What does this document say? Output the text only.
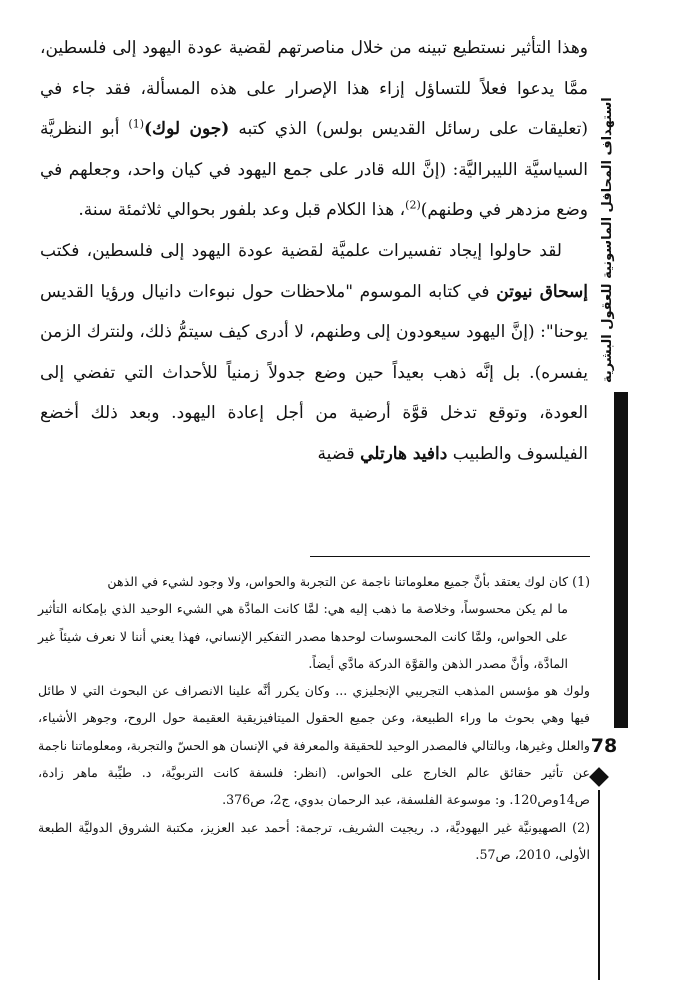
استهداف المحافل الماسونية للعقول البشرية
78

وهذا التأثير نستطيع تبينه من خلال مناصرتهم لقضية عودة اليهود إلى فلسطين، ممَّا يدعوا فعلاً للتساؤل إزاء هذا الإصرار على هذه المسألة، فقد جاء في (تعليقات على رسائل القديس بولس) الذي كتبه (جون لوك)$^{(1)}$ أبو النظريَّة السياسيَّة الليبراليَّة: (إنَّ الله قادر على جمع اليهود في كيان واحد، وجعلهم في وضع مزدهر في وطنهم)$^{(2)}$، هذا الكلام قبل وعد بلفور بحوالي ثلاثمئة سنة.

لقد حاولوا إيجاد تفسيرات علميَّة لقضية عودة اليهود إلى فلسطين، فكتب إسحاق نيوتن في كتابه الموسوم "ملاحظات حول نبوءات دانيال ورؤيا القديس يوحنا": (إنَّ اليهود سيعودون إلى وطنهم، لا أدرى كيف سيتمُّ ذلك، ولنترك الزمن يفسره). بل إنَّه ذهب بعيداً حين وضع جدولاً زمنياً للأحداث التي تفضي إلى العودة، وتوقع تدخل قوَّة أرضية من أجل إعادة اليهود. وبعد ذلك أخضع الفيلسوف والطبيب دافيد هارتلي قضية

(1) كان لوك يعتقد بأنَّ جميع معلوماتنا ناجمة عن التجربة والحواس، ولا وجود لشيء في الذهن

ما لم يكن محسوساً، وخلاصة ما ذهب إليه هي: لمَّا كانت المادَّة هي الشيء الوحيد الذي بإمكانه التأثير على الحواس، ولمَّا كانت المحسوسات لوحدها مصدر التفكير الإنساني، فهذا يعني أننا لا نعرف شيئاً غير المادَّة، وأنَّ مصدر الذهن والقوَّة الدركة مادَّي أيضاً.

ولوك هو مؤسس المذهب التجريبي الإنجليزي ... وكان يكرر أنَّه علينا الانصراف عن البحوث التي لا طائل فيها وهي بحوث ما وراء الطبيعة، وعن جميع الحقول الميتافيزيقية العقيمة حول الروح، وجوهر الأشياء، والعلل وغيرها، وبالتالي فالمصدر الوحيد للحقيقة والمعرفة في الإنسان هو الحسّ والتجربة، ومعلوماتنا ناجمة عن تأثير حقائق عالم الخارج على الحواس. (انظر: فلسفة كانت التربويَّة، د. طيِّبة ماهر زادة، ص14وص120. و: موسوعة الفلسفة، عبد الرحمان بدوي، ج2، ص376.

(2) الصهيونيَّة غير اليهوديَّة، د. ريجيت الشريف، ترجمة: أحمد عبد العزيز، مكتبة الشروق الدوليَّة الطبعة الأولى، 2010، ص57.
